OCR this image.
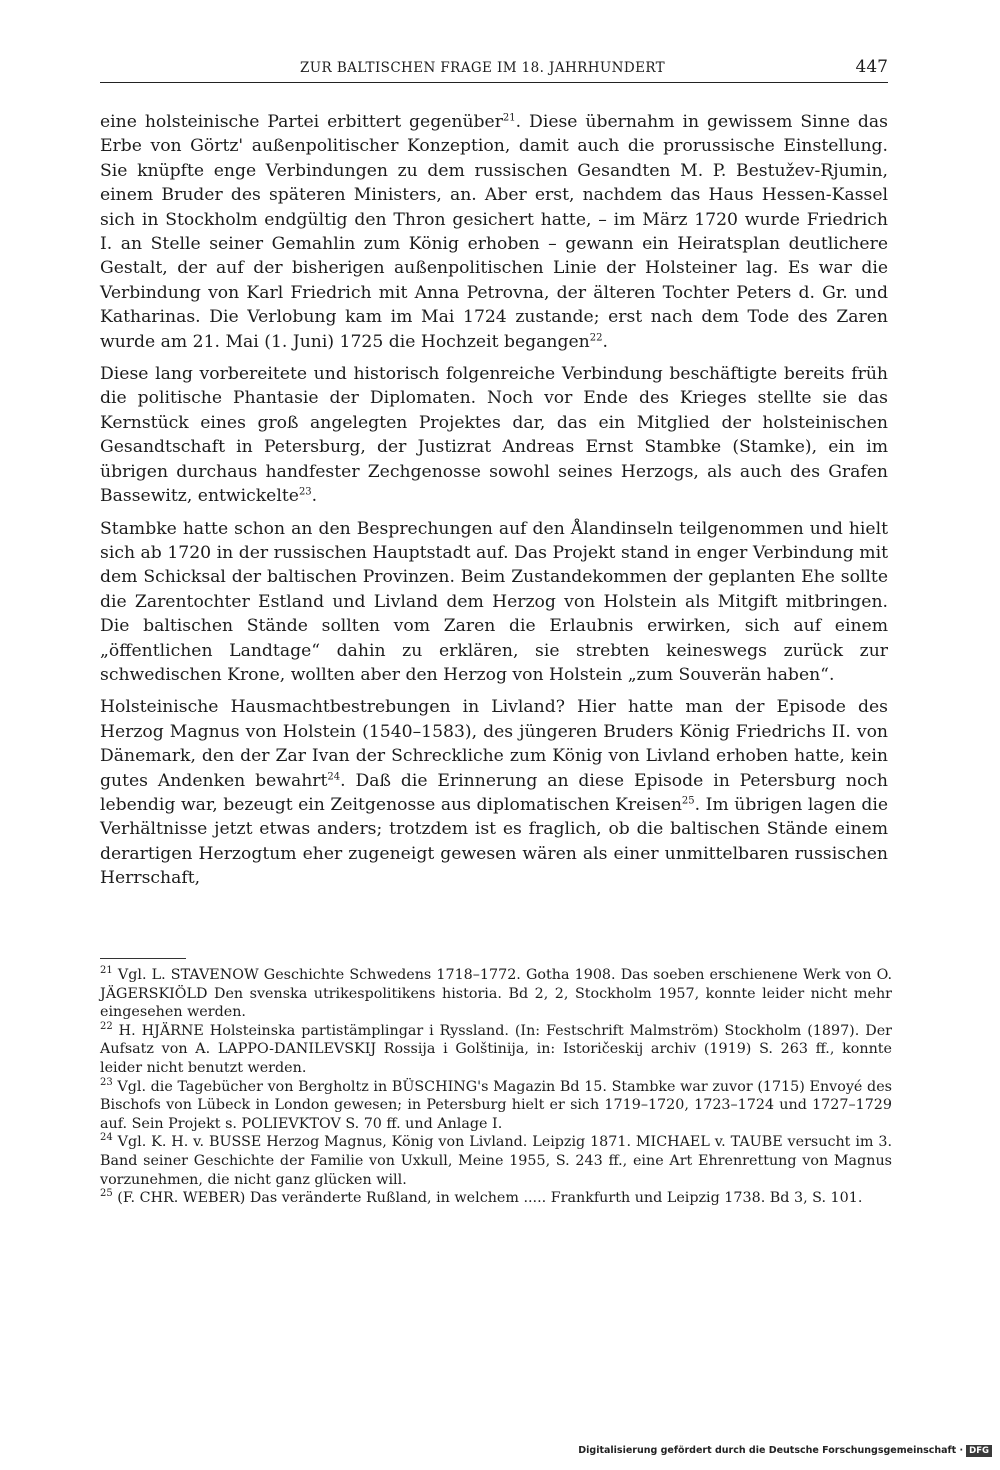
ZUR BALTISCHEN FRAGE IM 18. JAHRHUNDERT	447

eine holsteinische Partei erbittert gegenüber$^{21}$. Diese übernahm in gewissem Sinne das Erbe von Görtz' außenpolitischer Konzeption, damit auch die prorussische Einstellung. Sie knüpfte enge Verbindungen zu dem russischen Gesandten M. P. Bestužev-Rjumin, einem Bruder des späteren Ministers, an. Aber erst, nachdem das Haus Hessen-Kassel sich in Stockholm endgültig den Thron gesichert hatte, – im März 1720 wurde Friedrich I. an Stelle seiner Gemahlin zum König erhoben – gewann ein Heiratsplan deutlichere Gestalt, der auf der bisherigen außenpolitischen Linie der Holsteiner lag. Es war die Verbindung von Karl Friedrich mit Anna Petrovna, der älteren Tochter Peters d. Gr. und Katharinas. Die Verlobung kam im Mai 1724 zustande; erst nach dem Tode des Zaren wurde am 21. Mai (1. Juni) 1725 die Hochzeit begangen$^{22}$.

Diese lang vorbereitete und historisch folgenreiche Verbindung beschäftigte bereits früh die politische Phantasie der Diplomaten. Noch vor Ende des Krieges stellte sie das Kernstück eines groß angelegten Projektes dar, das ein Mitglied der holsteinischen Gesandtschaft in Petersburg, der Justizrat Andreas Ernst Stambke (Stamke), ein im übrigen durchaus handfester Zechgenosse sowohl seines Herzogs, als auch des Grafen Bassewitz, entwickelte$^{23}$.

Stambke hatte schon an den Besprechungen auf den Ålandinseln teilgenommen und hielt sich ab 1720 in der russischen Hauptstadt auf. Das Projekt stand in enger Verbindung mit dem Schicksal der baltischen Provinzen. Beim Zustandekommen der geplanten Ehe sollte die Zarentochter Estland und Livland dem Herzog von Holstein als Mitgift mitbringen. Die baltischen Stände sollten vom Zaren die Erlaubnis erwirken, sich auf einem „öffentlichen Landtage“ dahin zu erklären, sie strebten keineswegs zurück zur schwedischen Krone, wollten aber den Herzog von Holstein „zum Souverän haben“.

Holsteinische Hausmachtbestrebungen in Livland? Hier hatte man der Episode des Herzog Magnus von Holstein (1540–1583), des jüngeren Bruders König Friedrichs II. von Dänemark, den der Zar Ivan der Schreckliche zum König von Livland erhoben hatte, kein gutes Andenken bewahrt$^{24}$. Daß die Erinnerung an diese Episode in Petersburg noch lebendig war, bezeugt ein Zeitgenosse aus diplomatischen Kreisen$^{25}$. Im übrigen lagen die Verhältnisse jetzt etwas anders; trotzdem ist es fraglich, ob die baltischen Stände einem derartigen Herzogtum eher zugeneigt gewesen wären als einer unmittelbaren russischen Herrschaft,

$^{21}$ Vgl. L. STAVENOW Geschichte Schwedens 1718–1772. Gotha 1908. Das soeben erschienene Werk von O. JÄGERSKIÖLD Den svenska utrikespolitikens historia. Bd 2, 2, Stockholm 1957, konnte leider nicht mehr eingesehen werden.

$^{22}$ H. HJÄRNE Holsteinska partistämplingar i Ryssland. (In: Festschrift Malmström) Stockholm (1897). Der Aufsatz von A. LAPPO-DANILEVSKIJ Rossija i Golštinija, in: Istoričeskij archiv (1919) S. 263 ff., konnte leider nicht benutzt werden.

$^{23}$ Vgl. die Tagebücher von Bergholtz in BÜSCHING's Magazin Bd 15. Stambke war zuvor (1715) Envoyé des Bischofs von Lübeck in London gewesen; in Petersburg hielt er sich 1719–1720, 1723–1724 und 1727–1729 auf. Sein Projekt s. POLIEVKTOV S. 70 ff. und Anlage I.

$^{24}$ Vgl. K. H. v. BUSSE Herzog Magnus, König von Livland. Leipzig 1871. MICHAEL v. TAUBE versucht im 3. Band seiner Geschichte der Familie von Uxkull, Meine 1955, S. 243 ff., eine Art Ehrenrettung von Magnus vorzunehmen, die nicht ganz glücken will.

$^{25}$ (F. CHR. WEBER) Das veränderte Rußland, in welchem ..... Frankfurth und Leipzig 1738. Bd 3, S. 101.

Digitalisierung gefördert durch die Deutsche Forschungsgemeinschaft · DFG
